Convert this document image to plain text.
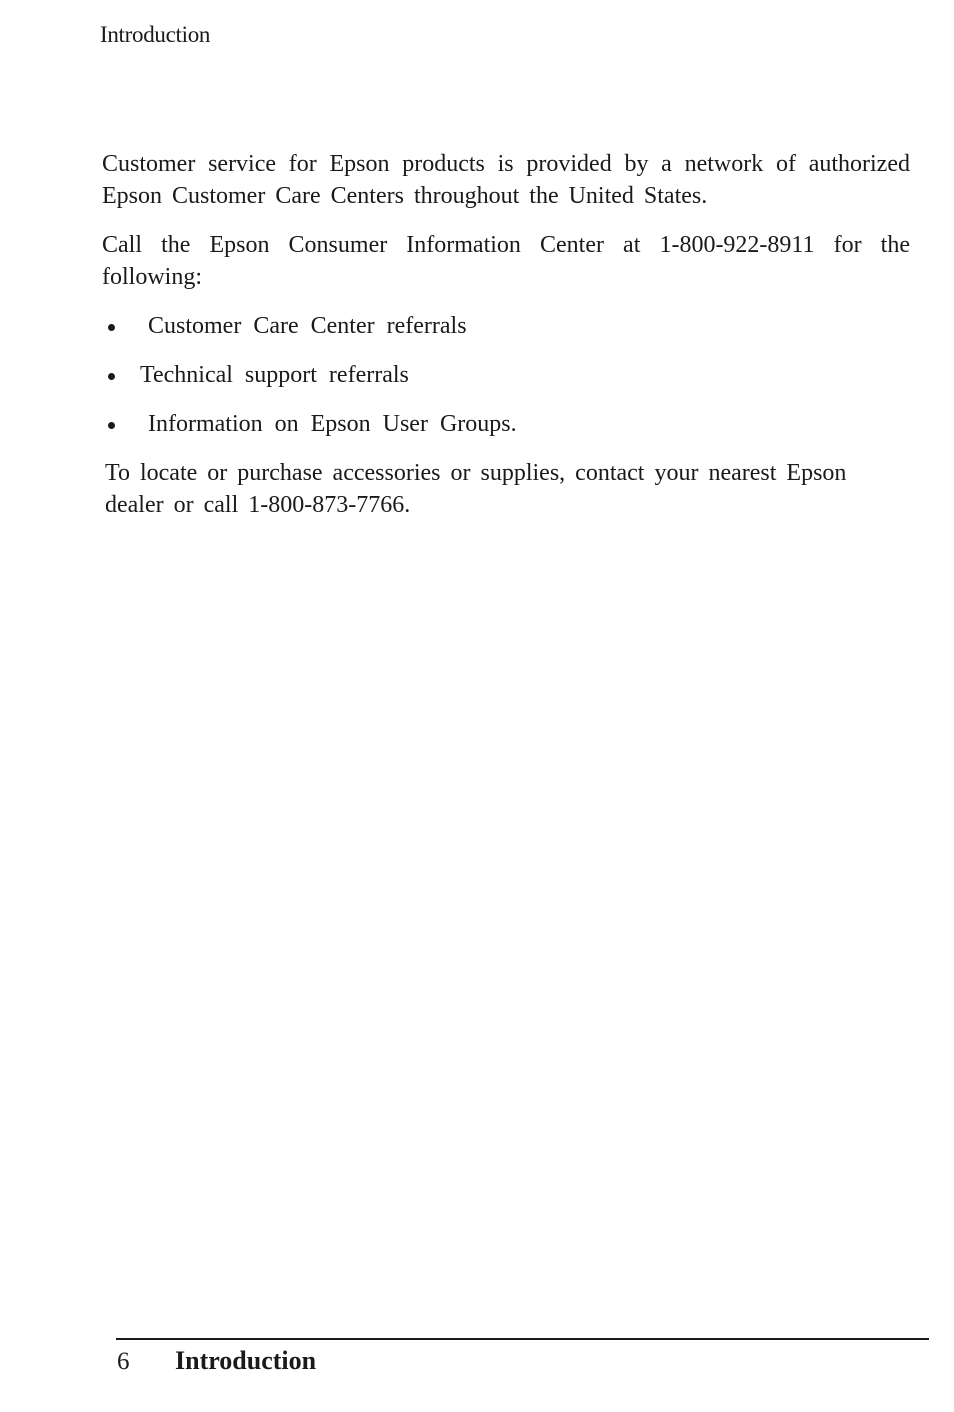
Introduction

Customer service for Epson products is provided by a network of authorized Epson Customer Care Centers throughout the United States.

Call the Epson Consumer Information Center at 1-800-922-8911 for the following:

Customer Care Center referrals
Technical support referrals
Information on Epson User Groups.

To locate or purchase accessories or supplies, contact your nearest Epson dealer or call 1-800-873-7766.

6 Introduction
